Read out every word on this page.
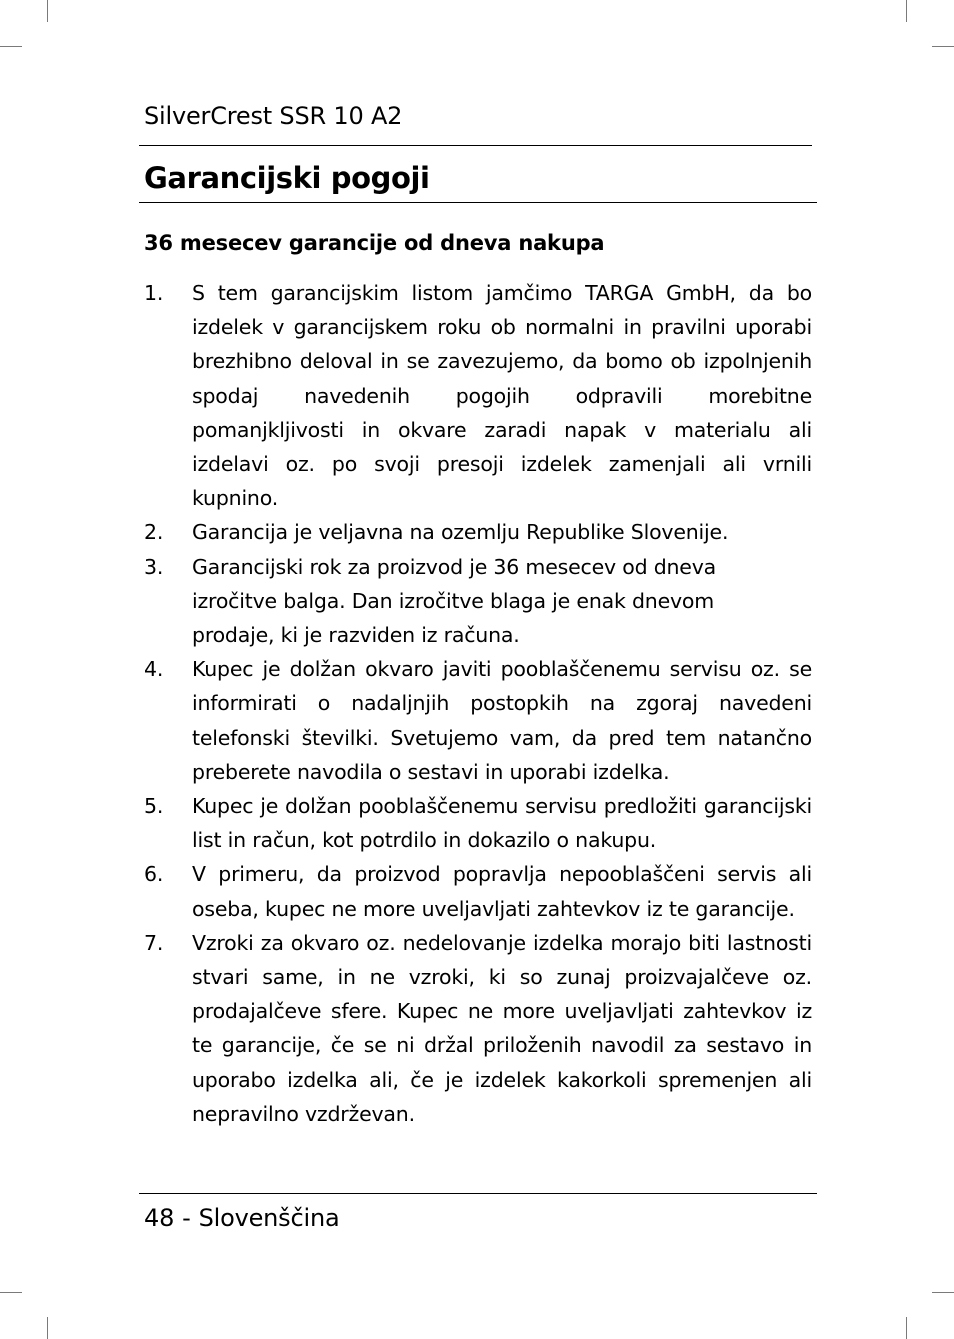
SilverCrest SSR 10 A2
Garancijski pogoji
36 mesecev garancije od dneva nakupa
1. S tem garancijskim listom jamčimo TARGA GmbH, da bo izdelek v garancijskem roku ob normalni in pravilni uporabi brezhibno deloval in se zavezujemo, da bomo ob izpolnjenih spodaj navedenih pogojih odpravili morebitne pomanjkljivosti in okvare zaradi napak v materialu ali izdelavi oz. po svoji presoji izdelek zamenjali ali vrnili kupnino.
2. Garancija je veljavna na ozemlju Republike Slovenije.
3. Garancijski rok za proizvod je 36 mesecev od dneva
izročitve balga. Dan izročitve blaga je enak dnevom
prodaje, ki je razviden iz računa.
4. Kupec je dolžan okvaro javiti pooblaščenemu servisu oz. se informirati o nadaljnjih postopkih na zgoraj navedeni telefonski številki. Svetujemo vam, da pred tem natančno preberete navodila o sestavi in uporabi izdelka.
5. Kupec je dolžan pooblaščenemu servisu predložiti garancijski list in račun, kot potrdilo in dokazilo o nakupu.
6. V primeru, da proizvod popravlja nepooblaščeni servis ali oseba, kupec ne more uveljavljati zahtevkov iz te garancije.
7. Vzroki za okvaro oz. nedelovanje izdelka morajo biti lastnosti stvari same, in ne vzroki, ki so zunaj proizvajalčeve oz. prodajalčeve sfere. Kupec ne more uveljavljati zahtevkov iz te garancije, če se ni držal priloženih navodil za sestavo in uporabo izdelka ali, če je izdelek kakorkoli spremenjen ali nepravilno vzdrževan.
48 - Slovenščina
